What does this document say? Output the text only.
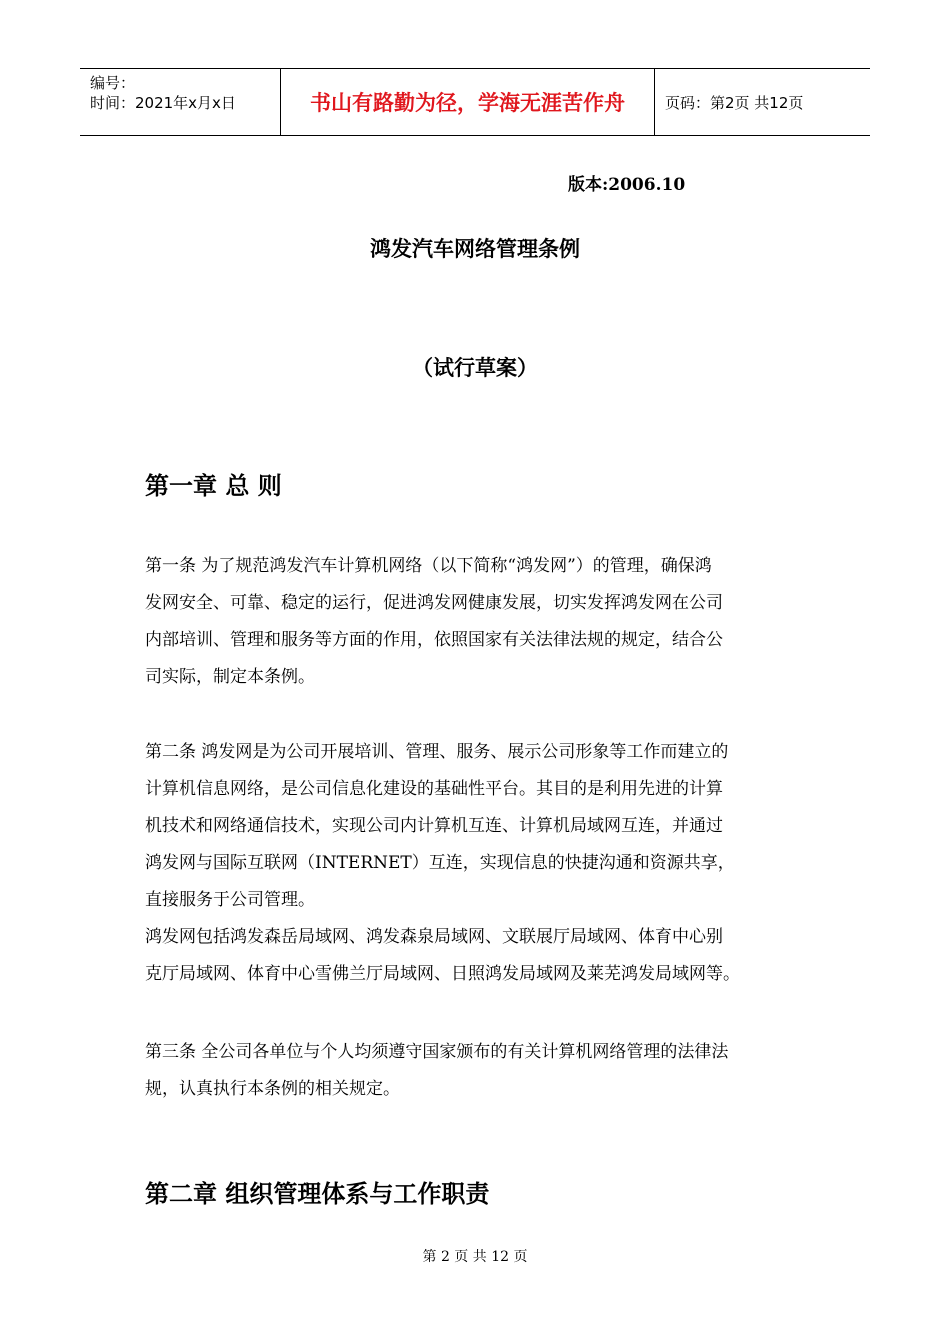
编号：
时间：2021年x月x日	书山有路勤为径，学海无涯苦作舟	页码：第2页 共12页
版本:2006.10
鸿发汽车网络管理条例
（试行草案）
第一章 总 则
第一条 为了规范鸿发汽车计算机网络（以下简称“鸿发网”）的管理，确保鸿
发网安全、可靠、稳定的运行，促进鸿发网健康发展，切实发挥鸿发网在公司
内部培训、管理和服务等方面的作用，依照国家有关法律法规的规定，结合公
司实际，制定本条例。
第二条 鸿发网是为公司开展培训、管理、服务、展示公司形象等工作而建立的
计算机信息网络，是公司信息化建设的基础性平台。其目的是利用先进的计算
机技术和网络通信技术，实现公司内计算机互连、计算机局域网互连，并通过
鸿发网与国际互联网（INTERNET）互连，实现信息的快捷沟通和资源共享，
直接服务于公司管理。
鸿发网包括鸿发森岳局域网、鸿发森泉局域网、文联展厅局域网、体育中心别
克厅局域网、体育中心雪佛兰厅局域网、日照鸿发局域网及莱芜鸿发局域网等。
第三条 全公司各单位与个人均须遵守国家颁布的有关计算机网络管理的法律法
规，认真执行本条例的相关规定。
第二章 组织管理体系与工作职责
第 2 页 共 12 页
